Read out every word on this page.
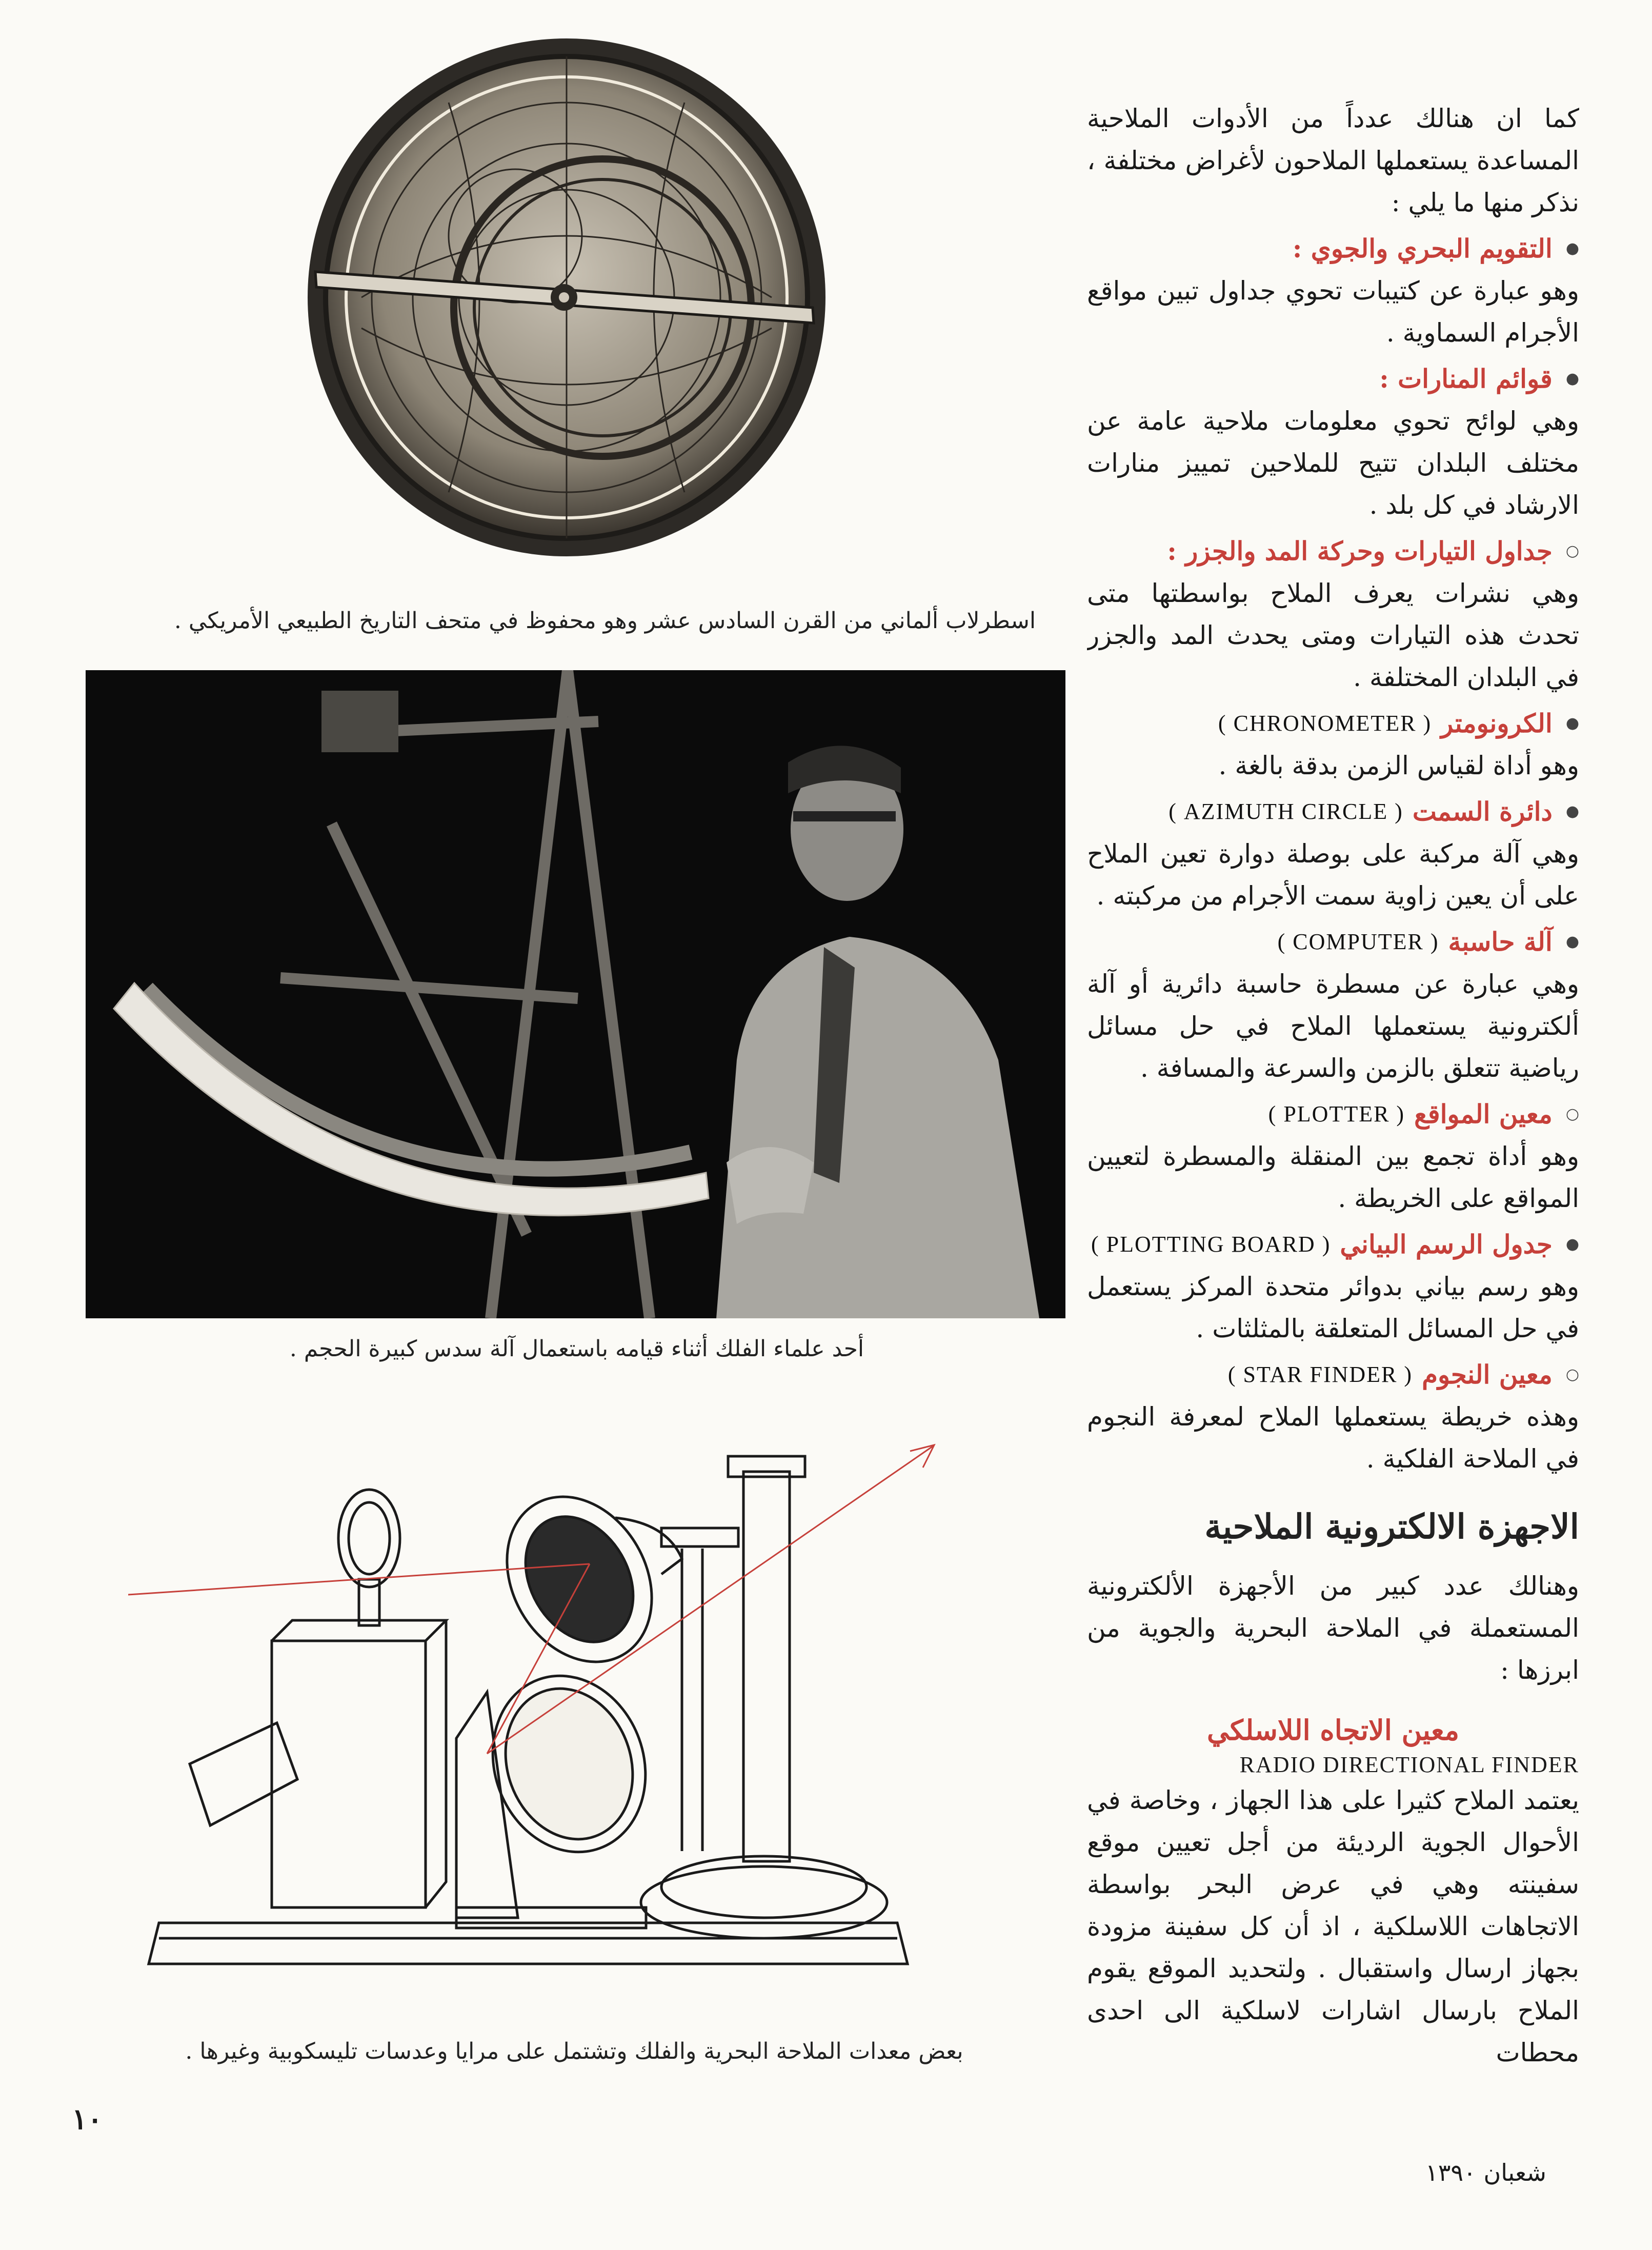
كما ان هنالك عدداً من الأدوات الملاحية المساعدة يستعملها الملاحون لأغراض مختلفة ، نذكر منها ما يلي :

●
التقويم البحري والجوي :

وهو عبارة عن كتيبات تحوي جداول تبين مواقع الأجرام السماوية .

●
قوائم المنارات :

وهي لوائح تحوي معلومات ملاحية عامة عن مختلف البلدان تتيح للملاحين تمييز منارات الارشاد في كل بلد .

○
جداول التيارات وحركة المد والجزر :

وهي نشرات يعرف الملاح بواسطتها متى تحدث هذه التيارات ومتى يحدث المد والجزر في البلدان المختلفة .

●
الكرونومتر
( CHRONOMETER )

وهو أداة لقياس الزمن بدقة بالغة .

●
دائرة السمت
( AZIMUTH CIRCLE )

وهي آلة مركبة على بوصلة دوارة تعين الملاح على أن يعين زاوية سمت الأجرام من مركبته .

●
آلة حاسبة
( COMPUTER )

وهي عبارة عن مسطرة حاسبة دائرية أو آلة ألكترونية يستعملها الملاح في حل مسائل رياضية تتعلق بالزمن والسرعة والمسافة .

○
معين المواقع
( PLOTTER )

وهو أداة تجمع بين المنقلة والمسطرة لتعيين المواقع على الخريطة .

●
جدول الرسم البياني
( PLOTTING BOARD )

وهو رسم بياني بدوائر متحدة المركز يستعمل في حل المسائل المتعلقة بالمثلثات .

○
معين النجوم
( STAR FINDER )

وهذه خريطة يستعملها الملاح لمعرفة النجوم في الملاحة الفلكية .

الاجهزة الالكترونية الملاحية

وهنالك عدد كبير من الأجهزة الألكترونية المستعملة في الملاحة البحرية والجوية من ابرزها :

معين الاتجاه اللاسلكي
RADIO DIRECTIONAL FINDER

يعتمد الملاح كثيرا على هذا الجهاز ، وخاصة في الأحوال الجوية الرديئة من أجل تعيين موقع سفينته وهي في عرض البحر بواسطة الاتجاهات اللاسلكية ، اذ أن كل سفينة مزودة بجهاز ارسال واستقبال . ولتحديد الموقع يقوم الملاح بارسال اشارات لاسلكية الى احدى محطات

اسطرلاب ألماني من القرن السادس عشر وهو محفوظ في متحف التاريخ الطبيعي الأمريكي .
أحد علماء الفلك أثناء قيامه باستعمال آلة سدس كبيرة الحجم .
بعض معدات الملاحة البحرية والفلك وتشتمل على مرايا وعدسات تليسكوبية وغيرها .
١٠
شعبان ١٣٩٠
